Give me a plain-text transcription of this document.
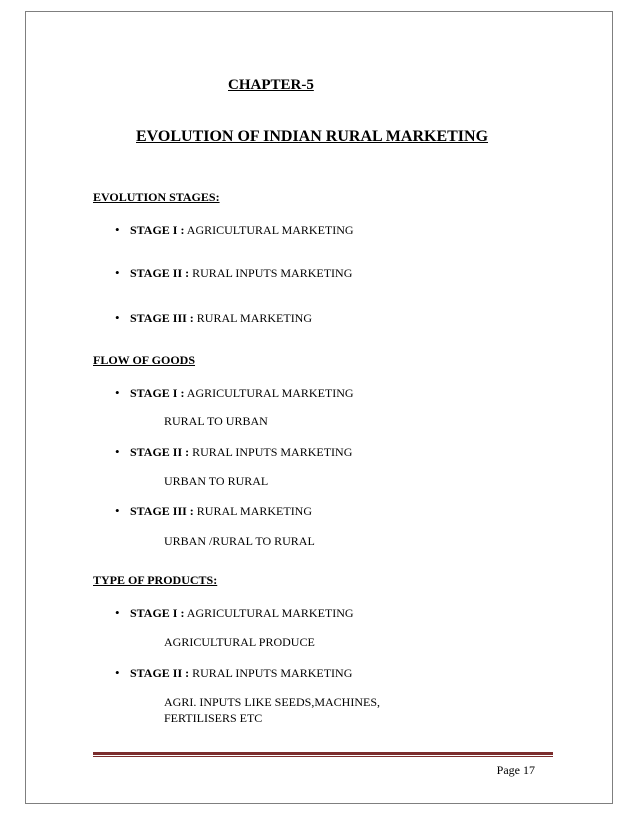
CHAPTER-5
EVOLUTION OF INDIAN RURAL MARKETING
EVOLUTION STAGES:
• STAGE I : AGRICULTURAL MARKETING
• STAGE II : RURAL INPUTS MARKETING
• STAGE III : RURAL MARKETING
FLOW OF GOODS
• STAGE I : AGRICULTURAL MARKETING
RURAL TO URBAN
• STAGE II : RURAL INPUTS MARKETING
URBAN TO RURAL
• STAGE III : RURAL MARKETING
URBAN /RURAL TO RURAL
TYPE OF PRODUCTS:
• STAGE I : AGRICULTURAL MARKETING
AGRICULTURAL PRODUCE
• STAGE II : RURAL INPUTS MARKETING
AGRI. INPUTS LIKE SEEDS,MACHINES, FERTILISERS ETC
Page 17
